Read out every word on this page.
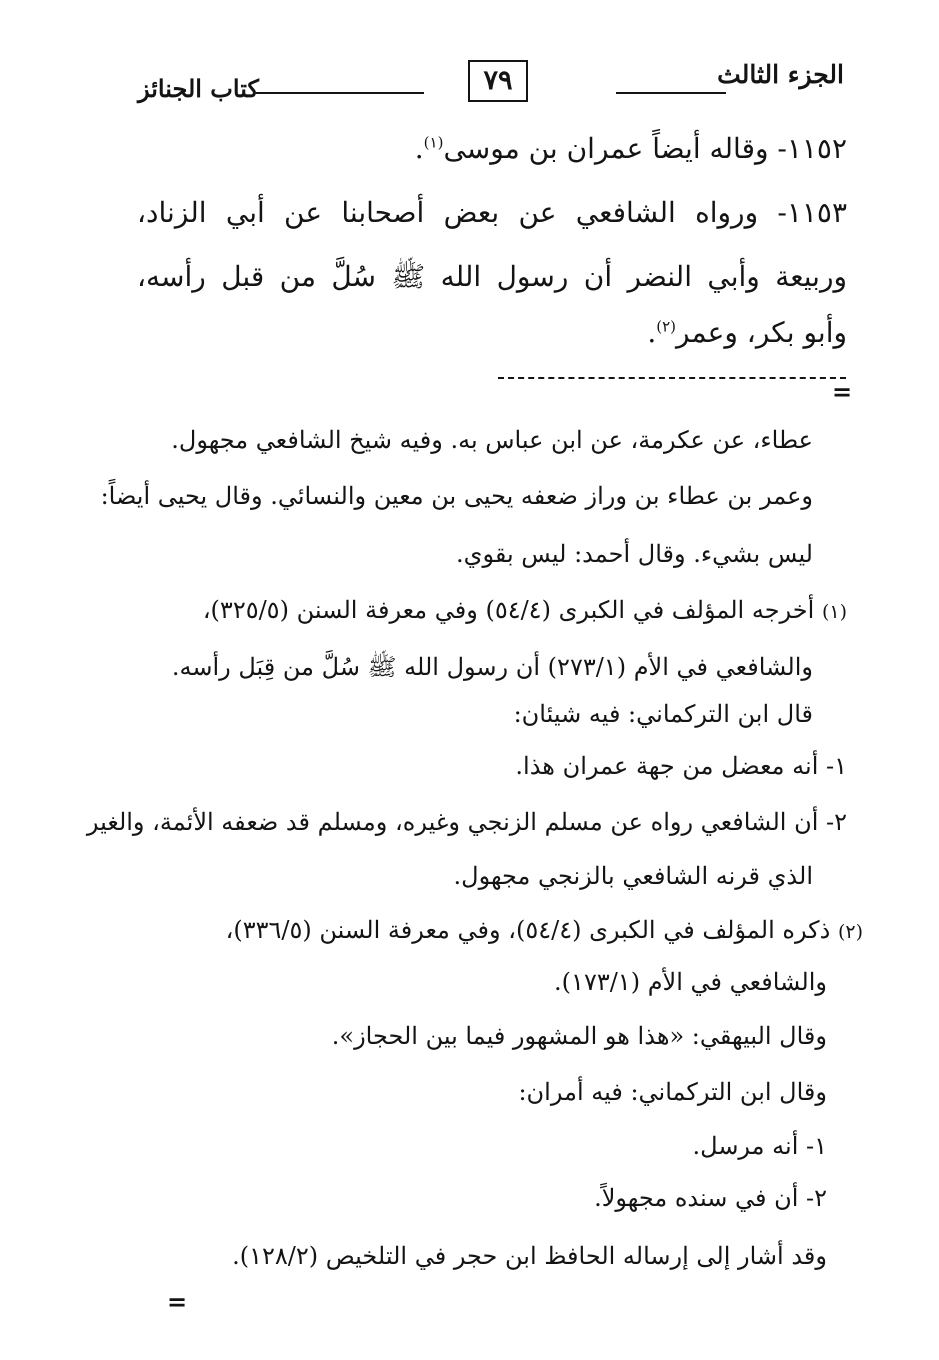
الجزء الثالث
٧٩
كتاب الجنائز
١١٥٢- وقاله أيضاً عمران بن موسى$^{(١)}$.
١١٥٣- ورواه الشافعي عن بعض أصحابنا عن أبي الزناد،
وربيعة وأبي النضر أن رسول الله ﷺ سُلَّ من قبل رأسه،
وأبو بكر، وعمر$^{(٢)}$.
=
عطاء، عن عكرمة، عن ابن عباس به. وفيه شيخ الشافعي مجهول.
وعمر بن عطاء بن وراز ضعفه يحيى بن معين والنسائي. وقال يحيى أيضاً:
ليس بشيء. وقال أحمد: ليس بقوي.
(١) أخرجه المؤلف في الكبرى (٥٤/٤) وفي معرفة السنن (٣٢٥/٥)،
والشافعي في الأم (٢٧٣/١) أن رسول الله ﷺ سُلَّ من قِبَل رأسه.
قال ابن التركماني: فيه شيئان:
١- أنه معضل من جهة عمران هذا.
٢- أن الشافعي رواه عن مسلم الزنجي وغيره، ومسلم قد ضعفه الأئمة، والغير
الذي قرنه الشافعي بالزنجي مجهول.
(٢) ذكره المؤلف في الكبرى (٥٤/٤)، وفي معرفة السنن (٣٣٦/٥)،
والشافعي في الأم (١٧٣/١).
وقال البيهقي: «هذا هو المشهور فيما بين الحجاز».
وقال ابن التركماني: فيه أمران:
١- أنه مرسل.
٢- أن في سنده مجهولاً.
وقد أشار إلى إرساله الحافظ ابن حجر في التلخيص (١٢٨/٢).
=
